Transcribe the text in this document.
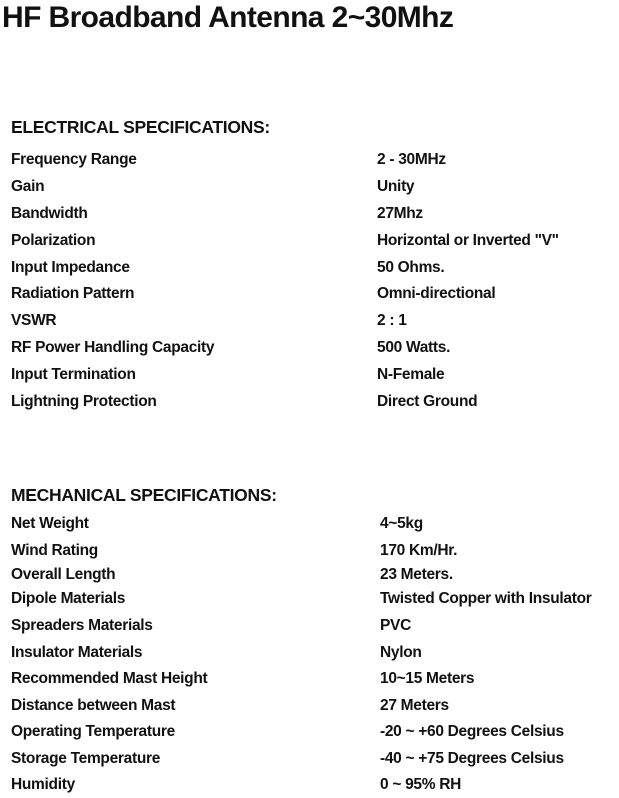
HF Broadband Antenna 2~30Mhz
ELECTRICAL SPECIFICATIONS:
Frequency Range	2 - 30MHz
Gain	Unity
Bandwidth	27Mhz
Polarization	Horizontal or Inverted "V"
Input Impedance	50 Ohms.
Radiation Pattern	Omni-directional
VSWR	2 : 1
RF Power Handling Capacity	500 Watts.
Input Termination	N-Female
Lightning Protection	Direct Ground
MECHANICAL SPECIFICATIONS:
Net Weight	4~5kg
Wind Rating	170 Km/Hr.
Overall Length	23 Meters.
Dipole Materials	Twisted Copper with Insulator
Spreaders Materials	PVC
Insulator Materials	Nylon
Recommended Mast Height	10~15 Meters
Distance between Mast	27 Meters
Operating Temperature	-20 ~ +60 Degrees Celsius
Storage Temperature	-40 ~ +75 Degrees Celsius
Humidity	0 ~ 95% RH
